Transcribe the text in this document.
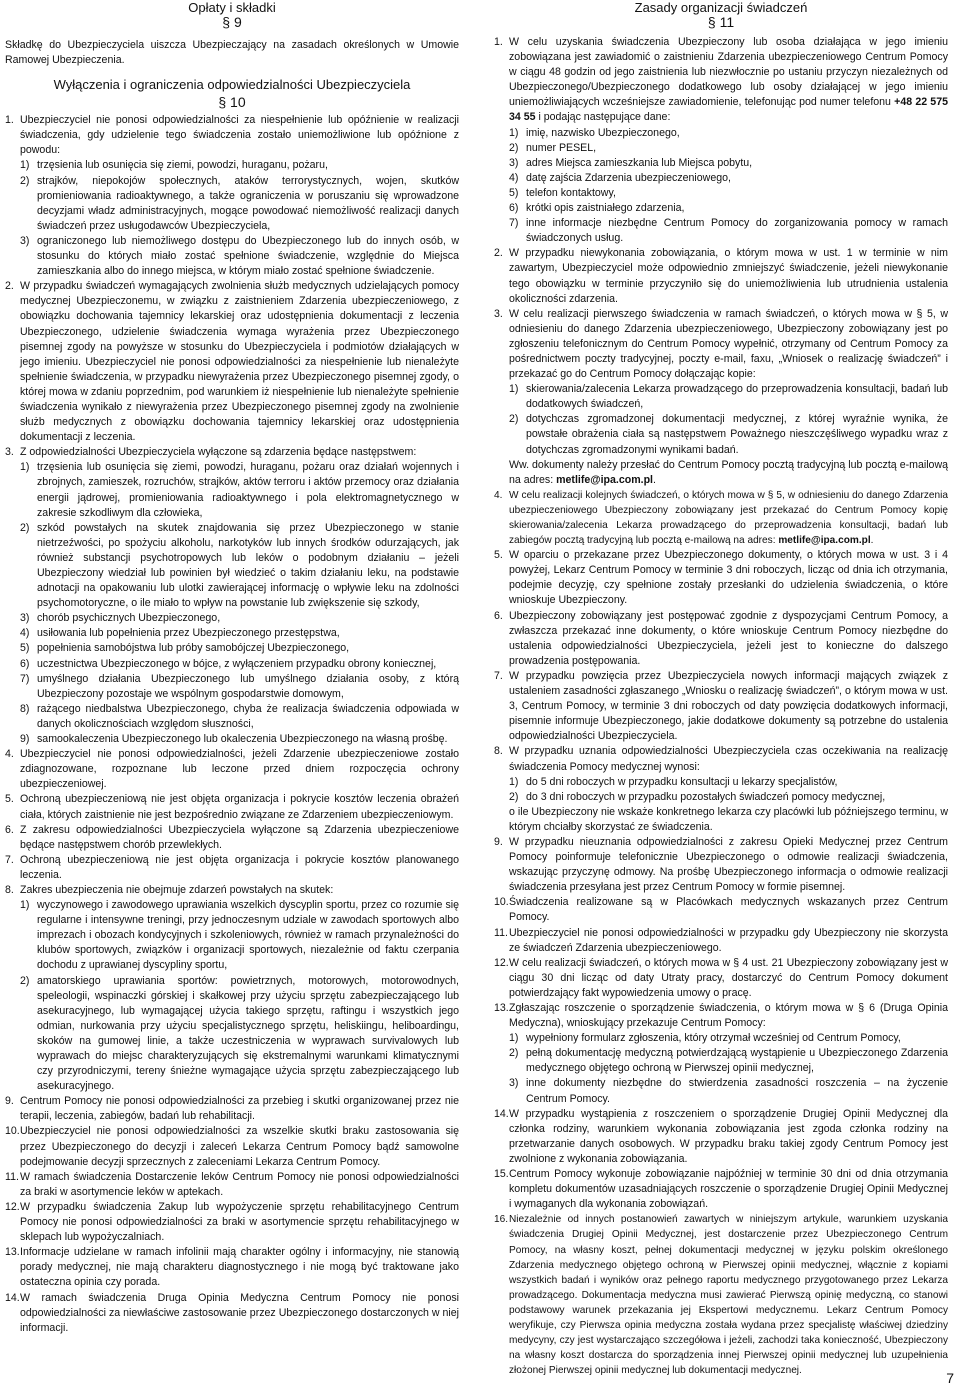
Opłaty i składki
§ 9

Składkę do Ubezpieczyciela uiszcza Ubezpieczający na zasadach określonych w Umowie Ramowej Ubezpieczenia.

Wyłączenia i ograniczenia odpowiedzialności Ubezpieczyciela
§ 10
1. Ubezpieczyciel nie ponosi odpowiedzialności za niespełnienie lub opóźnienie w realizacji świadczenia, gdy udzielenie tego świadczenia zostało uniemożliwione lub opóźnione z powodu:
1) trzęsienia lub osunięcia się ziemi, powodzi, huraganu, pożaru,
2) strajków, niepokojów społecznych, ataków terrorystycznych, wojen, skutków promieniowania radioaktywnego, a także ograniczenia w poruszaniu się wprowadzone decyzjami władz administracyjnych, mogące powodować niemożliwość realizacji danych świadczeń przez usługodawców Ubezpieczyciela,
3) ograniczonego lub niemożliwego dostępu do Ubezpieczonego lub do innych osób, w stosunku do których miało zostać spełnione świadczenie, względnie do Miejsca zamieszkania albo do innego miejsca, w którym miało zostać spełnione świadczenie.
2. W przypadku świadczeń wymagających zwolnienia służb medycznych udzielających pomocy medycznej Ubezpieczonemu, w związku z zaistnieniem Zdarzenia ubezpieczeniowego, z obowiązku dochowania tajemnicy lekarskiej oraz udostępnienia dokumentacji z leczenia Ubezpieczonego, udzielenie świadczenia wymaga wyrażenia przez Ubezpieczonego pisemnej zgody na powyższe w stosunku do Ubezpieczyciela i podmiotów działających w jego imieniu. Ubezpieczyciel nie ponosi odpowiedzialności za niespełnienie lub nienależyte spełnienie świadczenia, w przypadku niewyrażenia przez Ubezpieczonego pisemnej zgody, o której mowa w zdaniu poprzednim, pod warunkiem iż niespełnienie lub nienależyte spełnienie świadczenia wynikało z niewyrażenia przez Ubezpieczonego pisemnej zgody na zwolnienie służb medycznych z obowiązku dochowania tajemnicy lekarskiej oraz udostępnienia dokumentacji z leczenia.
3. Z odpowiedzialności Ubezpieczyciela wyłączone są zdarzenia będące następstwem:
1) trzęsienia lub osunięcia się ziemi, powodzi, huraganu, pożaru oraz działań wojennych i zbrojnych, zamieszek, rozruchów, strajków, aktów terroru i aktów przemocy oraz działania energii jądrowej, promieniowania radioaktywnego i pola elektromagnetycznego w zakresie szkodliwym dla człowieka,
2) szkód powstałych na skutek znajdowania się przez Ubezpieczonego w stanie nietrzeźwości, po spożyciu alkoholu, narkotyków lub innych środków odurzających, jak również substancji psychotropowych lub leków o podobnym działaniu – jeżeli Ubezpieczony wiedział lub powinien był wiedzieć o takim działaniu leku, na podstawie adnotacji na opakowaniu lub ulotki zawierającej informację o wpływie leku na zdolności psychomotoryczne, o ile miało to wpływ na powstanie lub zwiększenie się szkody,
3) chorób psychicznych Ubezpieczonego,
4) usiłowania lub popełnienia przez Ubezpieczonego przestępstwa,
5) popełnienia samobójstwa lub próby samobójczej Ubezpieczonego,
6) uczestnictwa Ubezpieczonego w bójce, z wyłączeniem przypadku obrony koniecznej,
7) umyślnego działania Ubezpieczonego lub umyślnego działania osoby, z którą Ubezpieczony pozostaje we wspólnym gospodarstwie domowym,
8) rażącego niedbalstwa Ubezpieczonego, chyba że realizacja świadczenia odpowiada w danych okolicznościach względom słuszności,
9) samookaleczenia Ubezpieczonego lub okaleczenia Ubezpieczonego na własną prośbę.
4. Ubezpieczyciel nie ponosi odpowiedzialności, jeżeli Zdarzenie ubezpieczeniowe zostało zdiagnozowane, rozpoznane lub leczone przed dniem rozpoczęcia ochrony ubezpieczeniowej.
5. Ochroną ubezpieczeniową nie jest objęta organizacja i pokrycie kosztów leczenia obrażeń ciała, których zaistnienie nie jest bezpośrednio związane ze Zdarzeniem ubezpieczeniowym.
6. Z zakresu odpowiedzialności Ubezpieczyciela wyłączone są Zdarzenia ubezpieczeniowe będące następstwem chorób przewlekłych.
7. Ochroną ubezpieczeniową nie jest objęta organizacja i pokrycie kosztów planowanego leczenia.
8. Zakres ubezpieczenia nie obejmuje zdarzeń powstałych na skutek:
1) wyczynowego i zawodowego uprawiania wszelkich dyscyplin sportu, przez co rozumie się regularne i intensywne treningi, przy jednoczesnym udziale w zawodach sportowych albo imprezach i obozach kondycyjnych i szkoleniowych, również w ramach przynależności do klubów sportowych, związków i organizacji sportowych, niezależnie od faktu czerpania dochodu z uprawianej dyscypliny sportu,
2) amatorskiego uprawiania sportów: powietrznych, motorowych, motorowodnych, speleologii, wspinaczki górskiej i skałkowej przy użyciu sprzętu zabezpieczającego lub asekuracyjnego, lub wymagającej użycia takiego sprzętu, raftingu i wszystkich jego odmian, nurkowania przy użyciu specjalistycznego sprzętu, heliskiingu, heliboardingu, skoków na gumowej linie, a także uczestniczenia w wyprawach survivalowych lub wyprawach do miejsc charakteryzujących się ekstremalnymi warunkami klimatycznymi czy przyrodniczymi, tereny śnieżne wymagające użycia sprzętu zabezpieczającego lub asekuracyjnego.
9. Centrum Pomocy nie ponosi odpowiedzialności za przebieg i skutki organizowanej przez nie terapii, leczenia, zabiegów, badań lub rehabilitacji.
10. Ubezpieczyciel nie ponosi odpowiedzialności za wszelkie skutki braku zastosowania się przez Ubezpieczonego do decyzji i zaleceń Lekarza Centrum Pomocy bądź samowolne podejmowanie decyzji sprzecznych z zaleceniami Lekarza Centrum Pomocy.
11. W ramach świadczenia Dostarczenie leków Centrum Pomocy nie ponosi odpowiedzialności za braki w asortymencie leków w aptekach.
12. W przypadku świadczenia Zakup lub wypożyczenie sprzętu rehabilitacyjnego Centrum Pomocy nie ponosi odpowiedzialności za braki w asortymencie sprzętu rehabilitacyjnego w sklepach lub wypożyczalniach.
13. Informacje udzielane w ramach infolinii mają charakter ogólny i informacyjny, nie stanowią porady medycznej, nie mają charakteru diagnostycznego i nie mogą być traktowane jako ostateczna opinia czy porada.
14. W ramach świadczenia Druga Opinia Medyczna Centrum Pomocy nie ponosi odpowiedzialności za niewłaściwe zastosowanie przez Ubezpieczonego dostarczonych w niej informacji.
Zasady organizacji świadczeń
§ 11
1. W celu uzyskania świadczenia Ubezpieczony lub osoba działająca w jego imieniu zobowiązana jest zawiadomić o zaistnieniu Zdarzenia ubezpieczeniowego Centrum Pomocy w ciągu 48 godzin od jego zaistnienia lub niezwłocznie po ustaniu przyczyn niezależnych od Ubezpieczonego/Ubezpieczonego dodatkowego lub osoby działającej w jego imieniu uniemożliwiających wcześniejsze zawiadomienie, telefonując pod numer telefonu +48 22 575 34 55 i podając następujące dane:
1) imię, nazwisko Ubezpieczonego,
2) numer PESEL,
3) adres Miejsca zamieszkania lub Miejsca pobytu,
4) datę zajścia Zdarzenia ubezpieczeniowego,
5) telefon kontaktowy,
6) krótki opis zaistniałego zdarzenia,
7) inne informacje niezbędne Centrum Pomocy do zorganizowania pomocy w ramach świadczonych usług.
2. W przypadku niewykonania zobowiązania, o którym mowa w ust. 1 w terminie w nim zawartym, Ubezpieczyciel może odpowiednio zmniejszyć świadczenie, jeżeli niewykonanie tego obowiązku w terminie przyczyniło się do uniemożliwienia lub utrudnienia ustalenia okoliczności zdarzenia.
3. W celu realizacji pierwszego świadczenia w ramach świadczeń, o których mowa w § 5, w odniesieniu do danego Zdarzenia ubezpieczeniowego, Ubezpieczony zobowiązany jest po zgłoszeniu telefonicznym do Centrum Pomocy wypełnić, otrzymany od Centrum Pomocy za pośrednictwem poczty tradycyjnej, poczty e-mail, faxu, „Wniosek o realizację świadczeń” i przekazać go do Centrum Pomocy dołączając kopie:
1) skierowania/zalecenia Lekarza prowadzącego do przeprowadzenia konsultacji, badań lub dodatkowych świadczeń,
2) dotychczas zgromadzonej dokumentacji medycznej, z której wyraźnie wynika, że powstałe obrażenia ciała są następstwem Poważnego nieszczęśliwego wypadku wraz z dotychczas zgromadzonymi wynikami badań.
Ww. dokumenty należy przesłać do Centrum Pomocy pocztą tradycyjną lub pocztą e-mailową na adres: metlife@ipa.com.pl.
4. W celu realizacji kolejnych świadczeń, o których mowa w § 5, w odniesieniu do danego Zdarzenia ubezpieczeniowego Ubezpieczony zobowiązany jest przekazać do Centrum Pomocy kopię skierowania/zalecenia Lekarza prowadzącego do przeprowadzenia konsultacji, badań lub zabiegów pocztą tradycyjną lub pocztą e-mailową na adres: metlife@ipa.com.pl.
5. W oparciu o przekazane przez Ubezpieczonego dokumenty, o których mowa w ust. 3 i 4 powyżej, Lekarz Centrum Pomocy w terminie 3 dni roboczych, licząc od dnia ich otrzymania, podejmie decyzję, czy spełnione zostały przesłanki do udzielenia świadczenia, o które wnioskuje Ubezpieczony.
6. Ubezpieczony zobowiązany jest postępować zgodnie z dyspozycjami Centrum Pomocy, a zwłaszcza przekazać inne dokumenty, o które wnioskuje Centrum Pomocy niezbędne do ustalenia odpowiedzialności Ubezpieczyciela, jeżeli jest to konieczne do dalszego prowadzenia postępowania.
7. W przypadku powzięcia przez Ubezpieczyciela nowych informacji mających związek z ustaleniem zasadności zgłaszanego „Wniosku o realizację świadczeń”, o którym mowa w ust. 3, Centrum Pomocy, w terminie 3 dni roboczych od daty powzięcia dodatkowych informacji, pisemnie informuje Ubezpieczonego, jakie dodatkowe dokumenty są potrzebne do ustalenia odpowiedzialności Ubezpieczyciela.
8. W przypadku uznania odpowiedzialności Ubezpieczyciela czas oczekiwania na realizację świadczenia Pomocy medycznej wynosi:
1) do 5 dni roboczych w przypadku konsultacji u lekarzy specjalistów,
2) do 3 dni roboczych w przypadku pozostałych świadczeń pomocy medycznej,
o ile Ubezpieczony nie wskaże konkretnego lekarza czy placówki lub późniejszego terminu, w którym chciałby skorzystać ze świadczenia.
9. W przypadku nieuznania odpowiedzialności z zakresu Opieki Medycznej przez Centrum Pomocy poinformuje telefonicznie Ubezpieczonego o odmowie realizacji świadczenia, wskazując przyczynę odmowy. Na prośbę Ubezpieczonego informacja o odmowie realizacji świadczenia przesyłana jest przez Centrum Pomocy w formie pisemnej.
10. Świadczenia realizowane są w Placówkach medycznych wskazanych przez Centrum Pomocy.
11. Ubezpieczyciel nie ponosi odpowiedzialności w przypadku gdy Ubezpieczony nie skorzysta ze świadczeń Zdarzenia ubezpieczeniowego.
12. W celu realizacji świadczeń, o których mowa w § 4 ust. 21 Ubezpieczony zobowiązany jest w ciągu 30 dni licząc od daty Utraty pracy, dostarczyć do Centrum Pomocy dokument potwierdzający fakt wypowiedzenia umowy o pracę.
13. Zgłaszając roszczenie o sporządzenie świadczenia, o którym mowa w § 6 (Druga Opinia Medyczna), wnioskujący przekazuje Centrum Pomocy:
1) wypełniony formularz zgłoszenia, który otrzymał wcześniej od Centrum Pomocy,
2) pełną dokumentację medyczną potwierdzającą wystąpienie u Ubezpieczonego Zdarzenia medycznego objętego ochroną w Pierwszej opinii medycznej,
3) inne dokumenty niezbędne do stwierdzenia zasadności roszczenia – na życzenie Centrum Pomocy.
14. W przypadku wystąpienia z roszczeniem o sporządzenie Drugiej Opinii Medycznej dla członka rodziny, warunkiem wykonania zobowiązania jest zgoda członka rodziny na przetwarzanie danych osobowych. W przypadku braku takiej zgody Centrum Pomocy jest zwolnione z wykonania zobowiązania.
15. Centrum Pomocy wykonuje zobowiązanie najpóźniej w terminie 30 dni od dnia otrzymania kompletu dokumentów uzasadniających roszczenie o sporządzenie Drugiej Opinii Medycznej i wymaganych dla wykonania zobowiązań.
16. Niezależnie od innych postanowień zawartych w niniejszym artykule, warunkiem uzyskania świadczenia Drugiej Opinii Medycznej, jest dostarczenie przez Ubezpieczonego Centrum Pomocy, na własny koszt, pełnej dokumentacji medycznej w języku polskim określonego Zdarzenia medycznego objętego ochroną w Pierwszej opinii medycznej, włącznie z kopiami wszystkich badań i wyników oraz pełnego raportu medycznego przygotowanego przez Lekarza prowadzącego. Dokumentacja medyczna musi zawierać Pierwszą opinię medyczną, co stanowi podstawowy warunek przekazania jej Ekspertowi medycznemu. Lekarz Centrum Pomocy weryfikuje, czy Pierwsza opinia medyczna została wydana przez specjalistę właściwej dziedziny medycyny, czy jest wystarczająco szczegółowa i jeżeli, zachodzi taka konieczność, Ubezpieczony na własny koszt dostarcza do sporządzenia innej Pierwszej opinii medycznej lub uzupełnienia złożonej Pierwszej opinii medycznej lub dokumentacji medycznej.	7
